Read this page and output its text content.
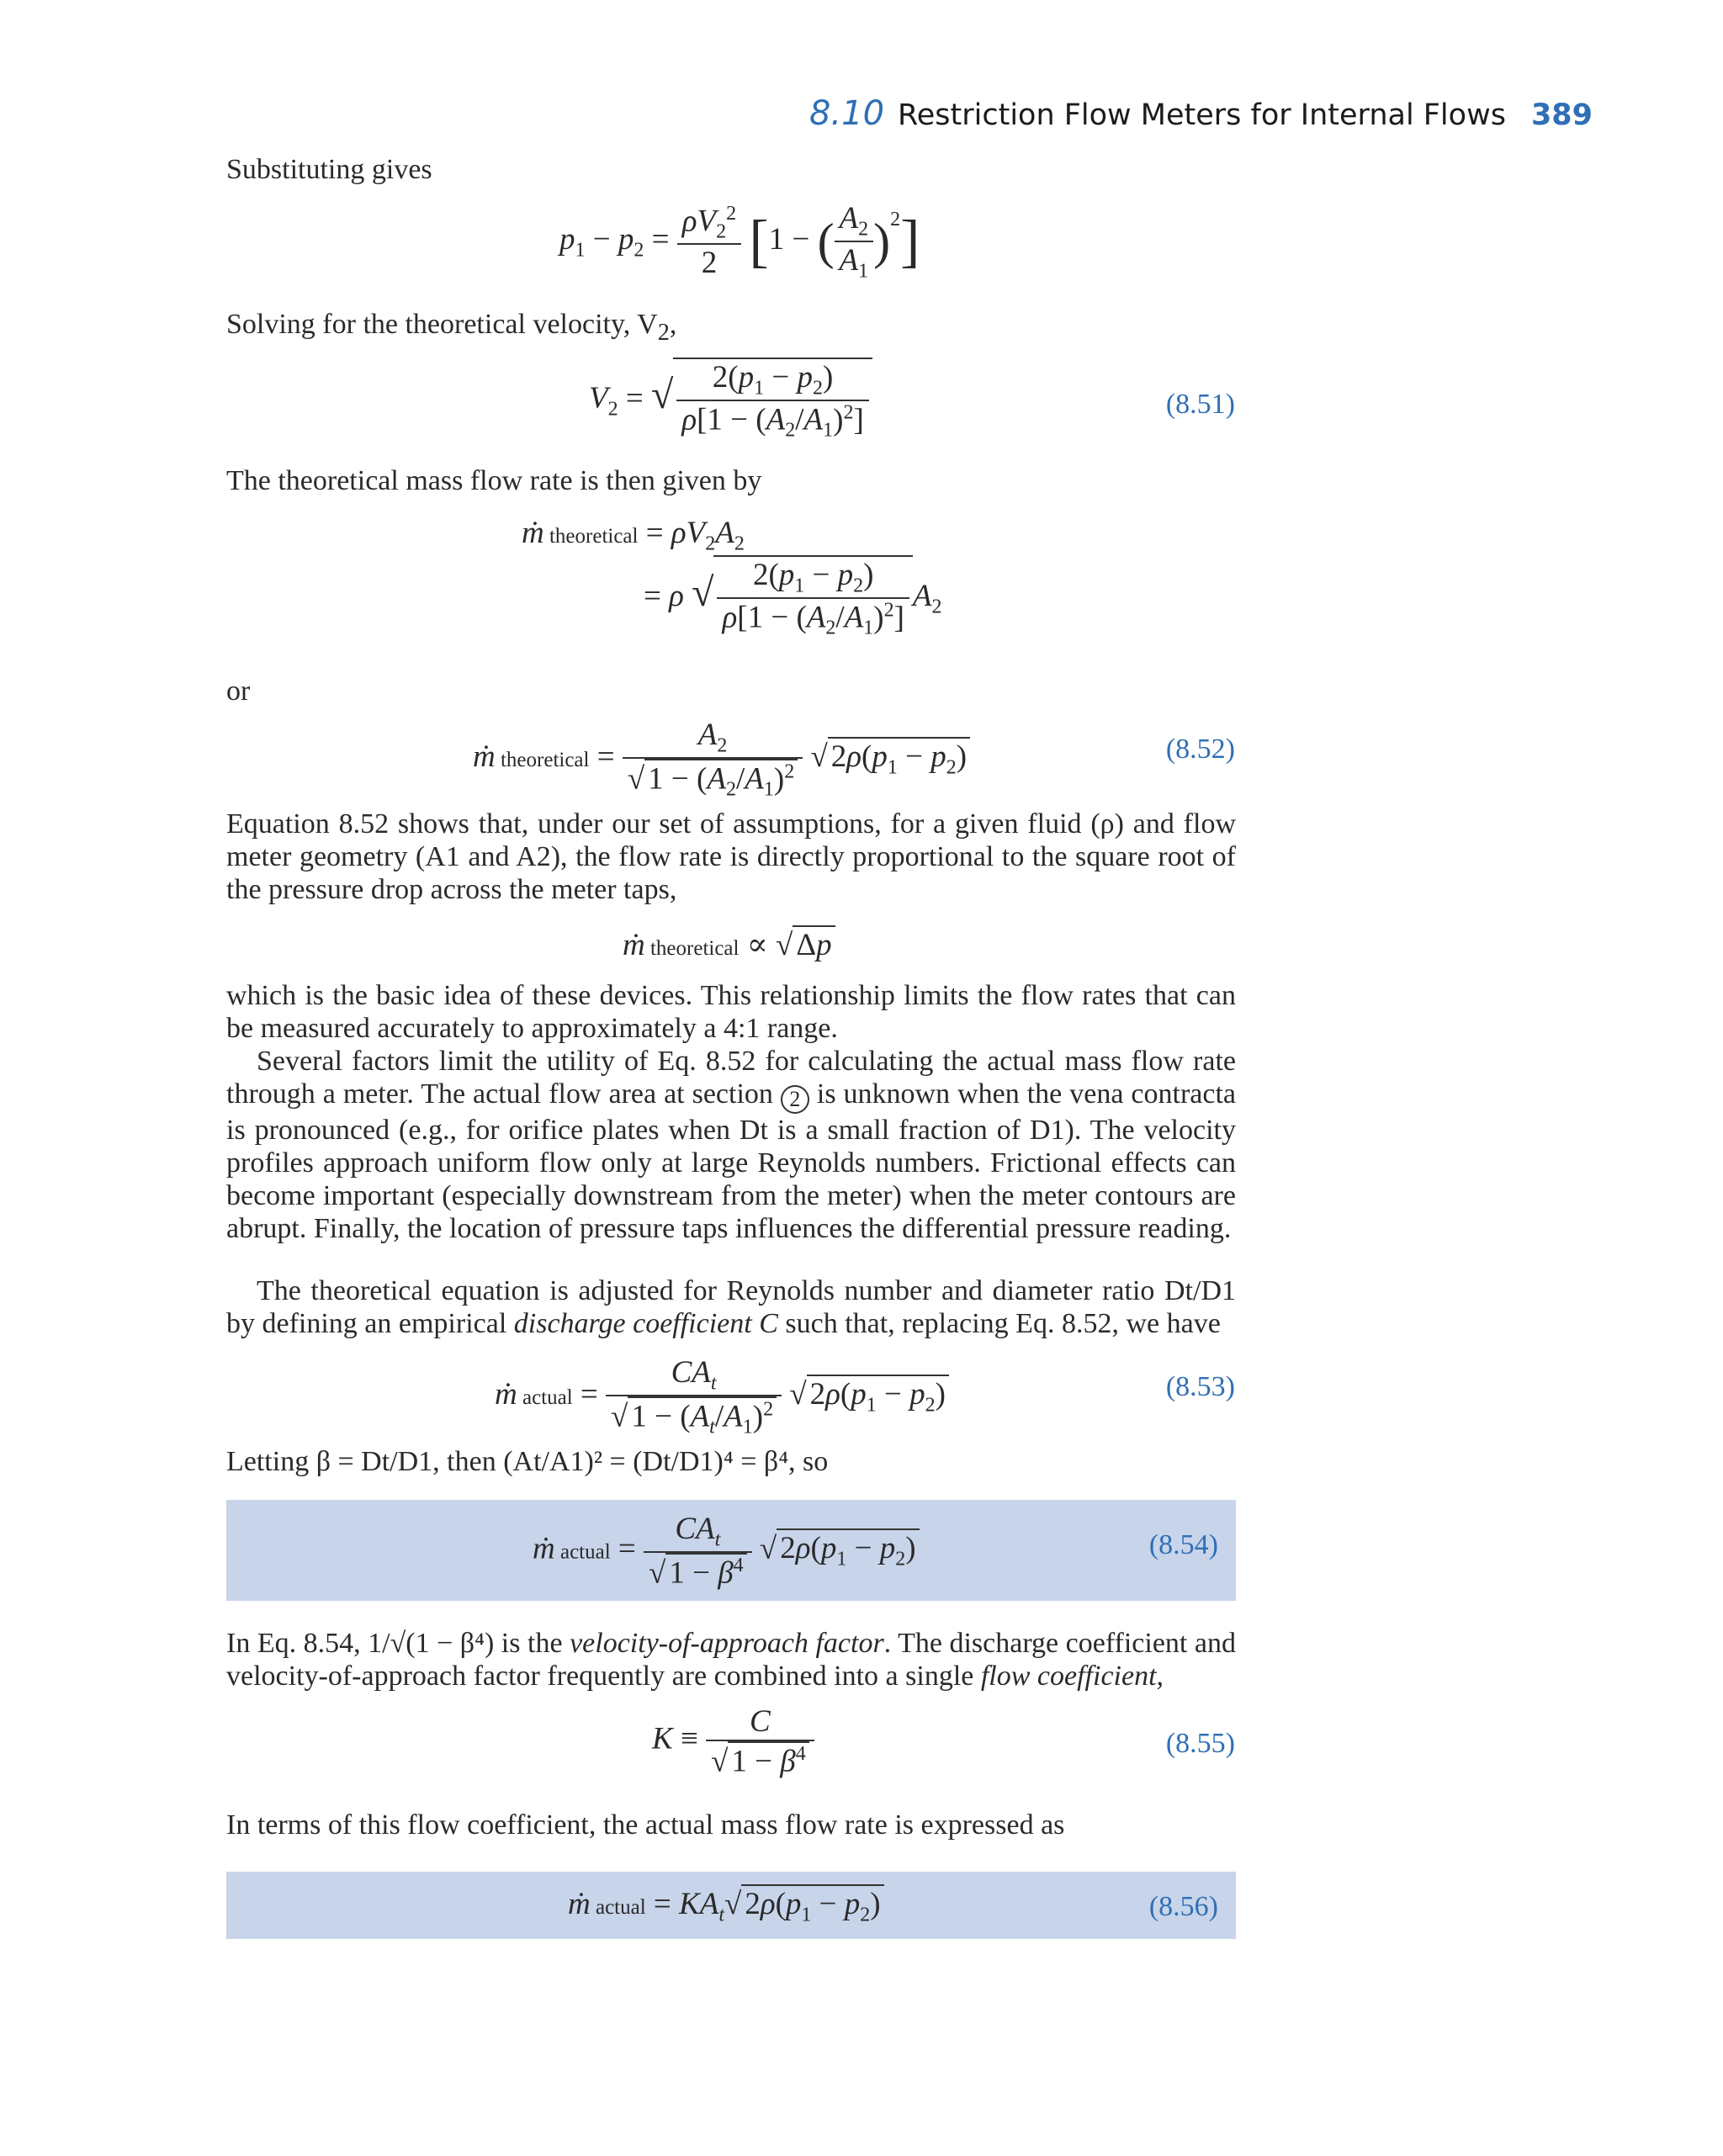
8.10 Restriction Flow Meters for Internal Flows 389
Substituting gives
$p_1 - p_2 = \frac{\rho V_2^2}{2} [1$ − ( $\frac{A_2}{A_1} )^2$]
Solving for the theoretical velocity, $V_2$,
$V_2$ = √ $\frac{2(p_1 - p_2)}{\rho[1 - (A_2/A_1)^2]}$	(8.51)
The theoretical mass flow rate is then given by
ṁ theoretical = $\rho V_2A_2$
= ρ √ $\frac{2(p_1 - p_2)}{\rho[1 - (A_2/A_1)^2]} A_2$
or
ṁ theoretical = $\frac{A_2}{√ 1 - (A_2/A_1)^2}$ √ $2\rho(p_1 - p_2)$	(8.52)
Equation 8.52 shows that, under our set of assumptions, for a given fluid (ρ) and flow meter geometry (A1 and A2), the flow rate is directly proportional to the square root of the pressure drop across the meter taps,
ṁ theoretical ∝ √ Δp
which is the basic idea of these devices. This relationship limits the flow rates that can be measured accurately to approximately a 4:1 range.
Several factors limit the utility of Eq. 8.52 for calculating the actual mass flow rate through a meter. The actual flow area at section 2 is unknown when the vena contracta is pronounced (e.g., for orifice plates when Dt is a small fraction of D1). The velocity profiles approach uniform flow only at large Reynolds numbers. Frictional effects can become important (especially downstream from the meter) when the meter contours are abrupt. Finally, the location of pressure taps influences the differential pressure reading.
The theoretical equation is adjusted for Reynolds number and diameter ratio Dt/D1 by defining an empirical discharge coefficient C such that, replacing Eq. 8.52, we have
ṁ actual = $\frac{CA_t}{√ 1 - (A_t/A_1)^2}$ √ $2\rho(p_1 - p_2)$	(8.53)
Letting β = Dt/D1, then (At/A1)² = (Dt/D1)⁴ = β⁴, so
ṁ actual = $\frac{CA_t}{√ 1 - \beta^4}$ √ $2\rho(p_1 - p_2)$	(8.54)
In Eq. 8.54, 1/√(1 − β⁴) is the velocity-of-approach factor. The discharge coefficient and velocity-of-approach factor frequently are combined into a single flow coefficient,
$K \equiv \frac{C}{√ 1 - \beta^4}$	(8.55)
In terms of this flow coefficient, the actual mass flow rate is expressed as
ṁ actual = $KA_t√$ $2\rho(p_1 - p_2)$	(8.56)
